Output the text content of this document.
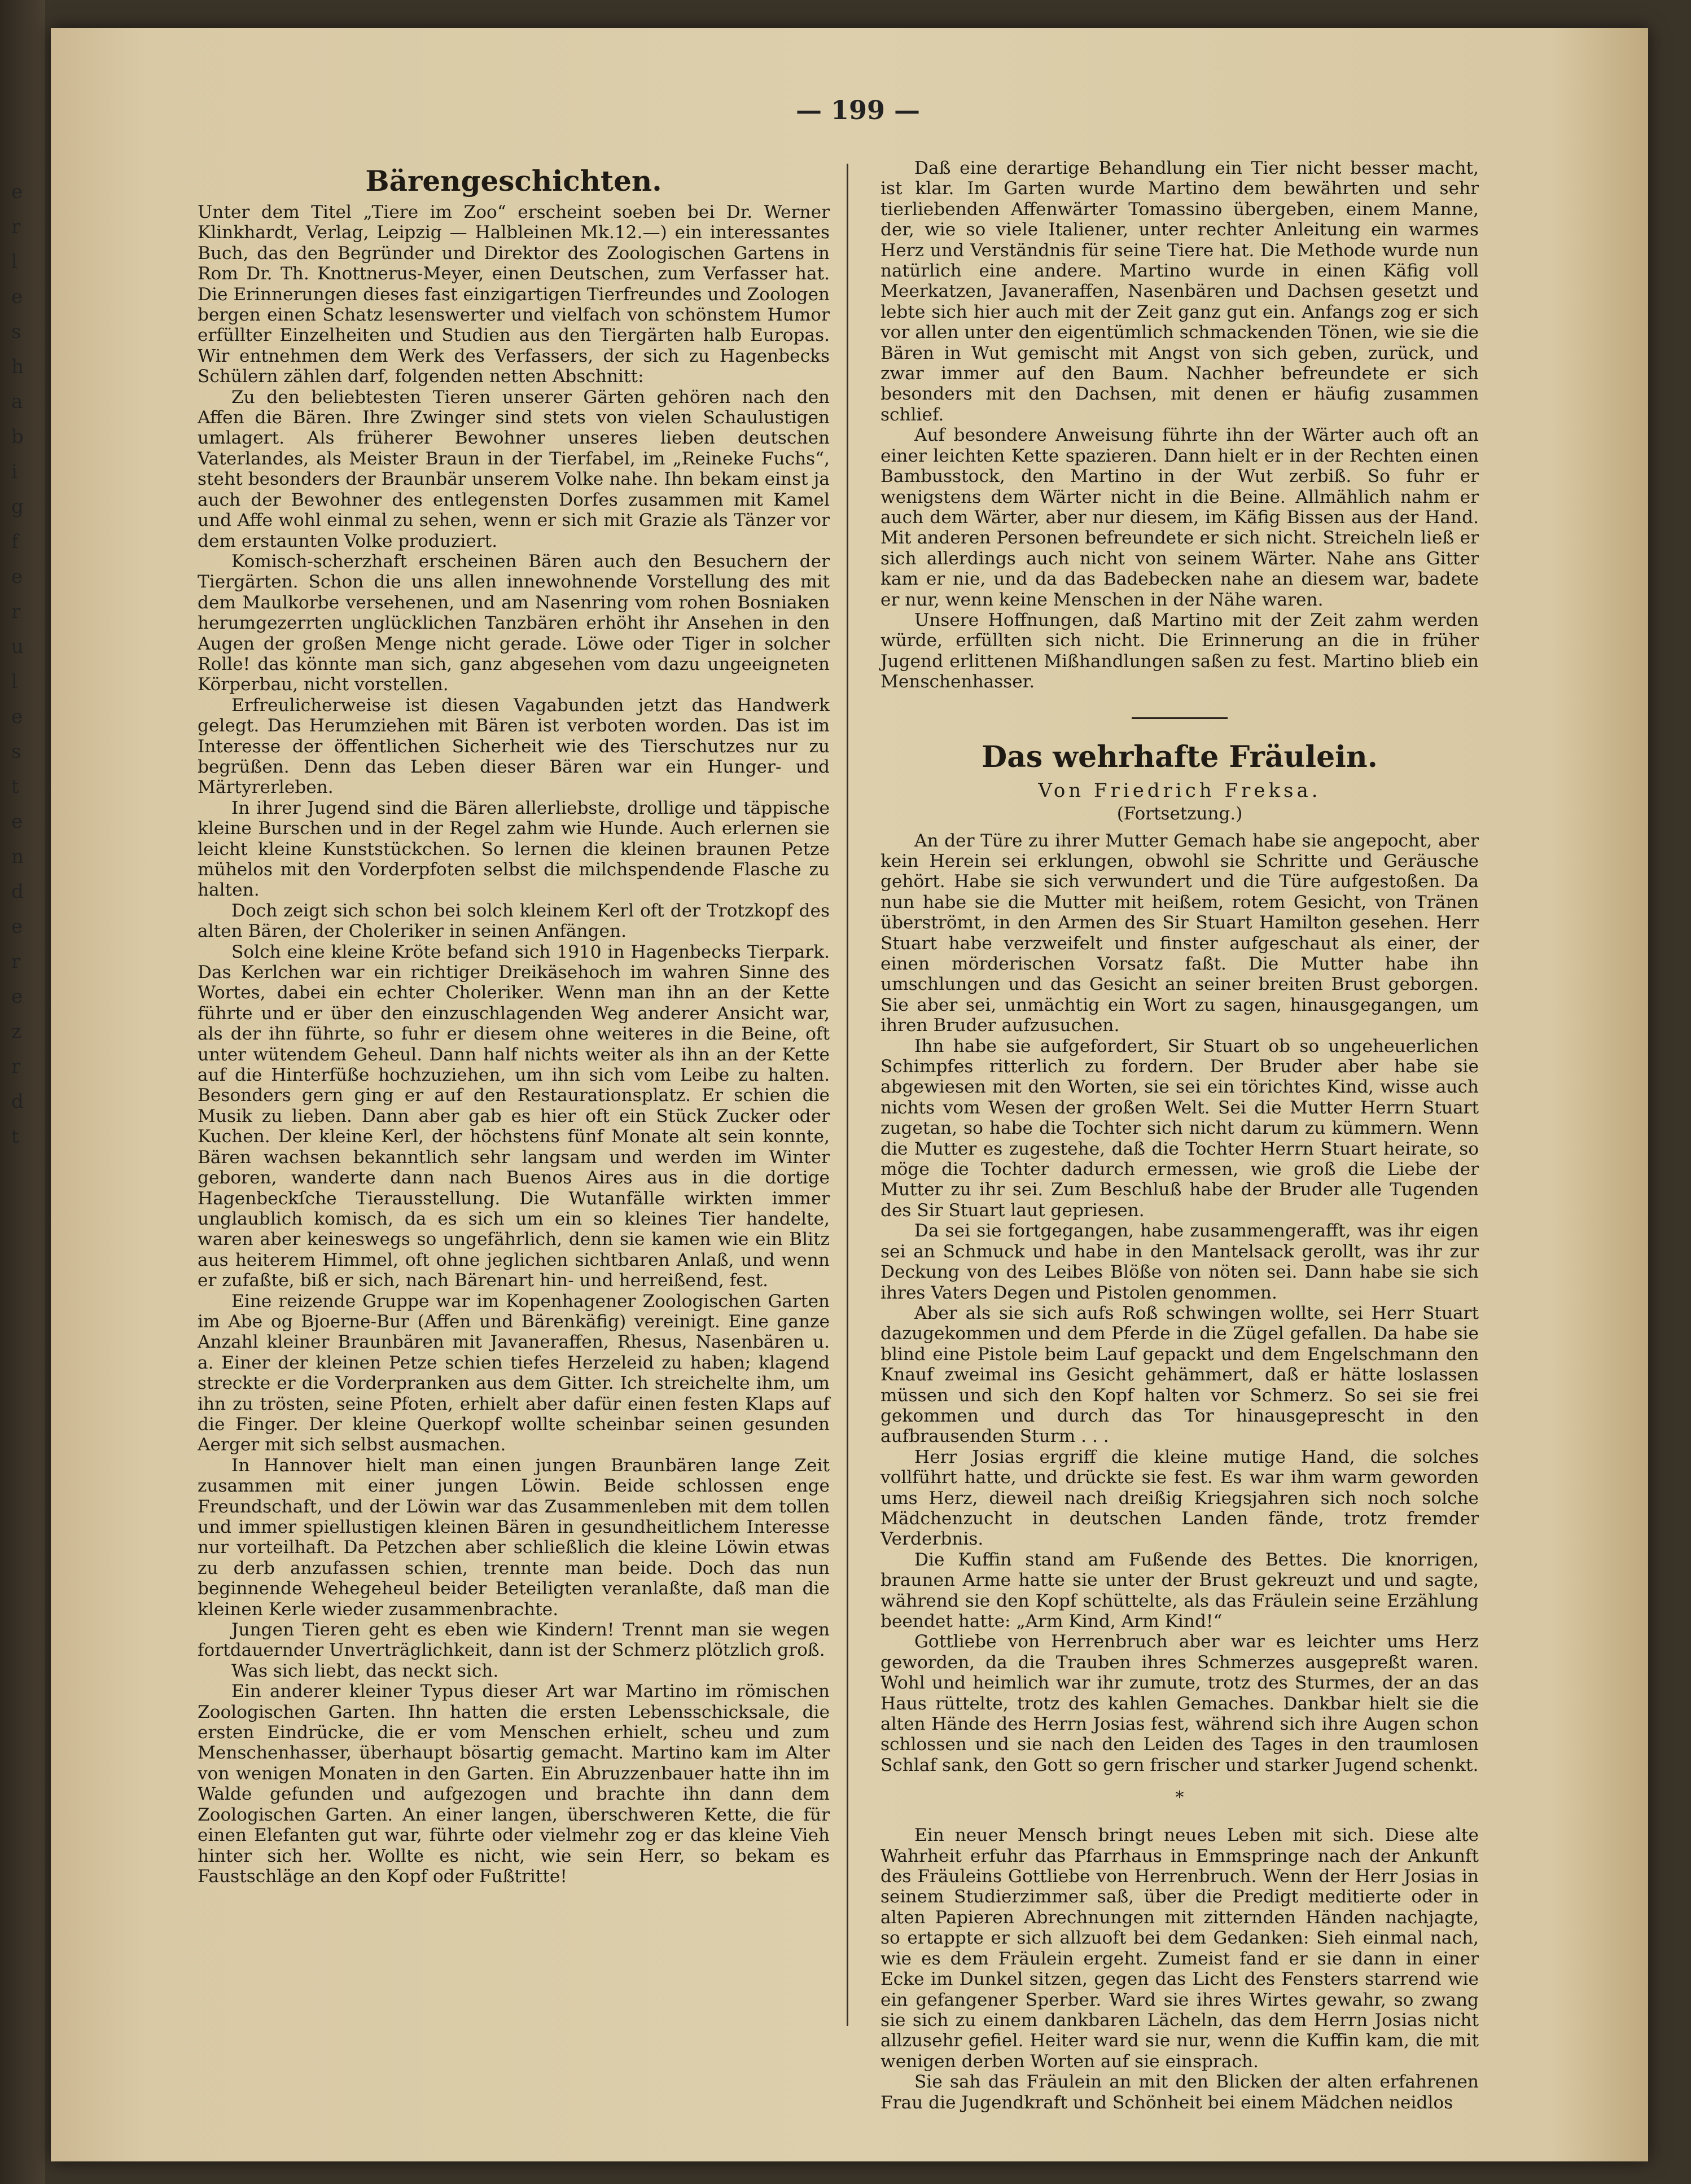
— 199 —
Bärengeschichten.

Unter dem Titel „Tiere im Zoo“ erscheint soeben bei Dr. Werner Klinkhardt, Verlag, Leipzig — Halbleinen Mk.12.—) ein interessantes Buch, das den Begründer und Direktor des Zoologischen Gartens in Rom Dr. Th. Knottnerus-Meyer, einen Deutschen, zum Verfasser hat. Die Erinnerungen dieses fast einzigartigen Tierfreundes und Zoologen bergen einen Schatz lesenswerter und vielfach von schönstem Humor erfüllter Einzelheiten und Studien aus den Tiergärten halb Europas. Wir entnehmen dem Werk des Verfassers, der sich zu Hagenbecks Schülern zählen darf, folgenden netten Abschnitt:

Zu den beliebtesten Tieren unserer Gärten gehören nach den Affen die Bären. Ihre Zwinger sind stets von vielen Schaulustigen umlagert. Als früherer Bewohner unseres lieben deutschen Vaterlandes, als Meister Braun in der Tierfabel, im „Reineke Fuchs“, steht besonders der Braunbär unserem Volke nahe. Ihn bekam einst ja auch der Bewohner des entlegensten Dorfes zusammen mit Kamel und Affe wohl einmal zu sehen, wenn er sich mit Grazie als Tänzer vor dem erstaunten Volke produziert.

Komisch-scherzhaft erscheinen Bären auch den Besuchern der Tiergärten. Schon die uns allen innewohnende Vorstellung des mit dem Maulkorbe versehenen, und am Nasenring vom rohen Bosniaken herumgezerrten unglücklichen Tanzbären erhöht ihr Ansehen in den Augen der großen Menge nicht gerade. Löwe oder Tiger in solcher Rolle! das könnte man sich, ganz abgesehen vom dazu ungeeigneten Körperbau, nicht vorstellen.

Erfreulicherweise ist diesen Vagabunden jetzt das Handwerk gelegt. Das Herumziehen mit Bären ist verboten worden. Das ist im Interesse der öffentlichen Sicherheit wie des Tierschutzes nur zu begrüßen. Denn das Leben dieser Bären war ein Hunger- und Märtyrerleben.

In ihrer Jugend sind die Bären allerliebste, drollige und täppische kleine Burschen und in der Regel zahm wie Hunde. Auch erlernen sie leicht kleine Kunststückchen. So lernen die kleinen braunen Petze mühelos mit den Vorderpfoten selbst die milchspendende Flasche zu halten.

Doch zeigt sich schon bei solch kleinem Kerl oft der Trotzkopf des alten Bären, der Choleriker in seinen Anfängen.

Solch eine kleine Kröte befand sich 1910 in Hagenbecks Tierpark. Das Kerlchen war ein richtiger Dreikäsehoch im wahren Sinne des Wortes, dabei ein echter Choleriker. Wenn man ihn an der Kette führte und er über den einzuschlagenden Weg anderer Ansicht war, als der ihn führte, so fuhr er diesem ohne weiteres in die Beine, oft unter wütendem Geheul. Dann half nichts weiter als ihn an der Kette auf die Hinterfüße hochzuziehen, um ihn sich vom Leibe zu halten. Besonders gern ging er auf den Restaurationsplatz. Er schien die Musik zu lieben. Dann aber gab es hier oft ein Stück Zucker oder Kuchen. Der kleine Kerl, der höchstens fünf Monate alt sein konnte, Bären wachsen bekanntlich sehr langsam und werden im Winter geboren, wanderte dann nach Buenos Aires aus in die dortige Hagenbeckſche Tierausstellung. Die Wutanfälle wirkten immer unglaublich komisch, da es sich um ein so kleines Tier handelte, waren aber keineswegs so ungefährlich, denn sie kamen wie ein Blitz aus heiterem Himmel, oft ohne jeglichen sichtbaren Anlaß, und wenn er zufaßte, biß er sich, nach Bärenart hin- und herreißend, fest.

Eine reizende Gruppe war im Kopenhagener Zoologischen Garten im Abe og Bjoerne-Bur (Affen und Bärenkäfig) vereinigt. Eine ganze Anzahl kleiner Braunbären mit Javaneraffen, Rhesus, Nasenbären u. a. Einer der kleinen Petze schien tiefes Herzeleid zu haben; klagend streckte er die Vorderpranken aus dem Gitter. Ich streichelte ihm, um ihn zu trösten, seine Pfoten, erhielt aber dafür einen festen Klaps auf die Finger. Der kleine Querkopf wollte scheinbar seinen gesunden Aerger mit sich selbst ausmachen.

In Hannover hielt man einen jungen Braunbären lange Zeit zusammen mit einer jungen Löwin. Beide schlossen enge Freundschaft, und der Löwin war das Zusammenleben mit dem tollen und immer spiellustigen kleinen Bären in gesundheitlichem Interesse nur vorteilhaft. Da Petzchen aber schließlich die kleine Löwin etwas zu derb anzufassen schien, trennte man beide. Doch das nun beginnende Wehegeheul beider Beteiligten veranlaßte, daß man die kleinen Kerle wieder zusammenbrachte.

Jungen Tieren geht es eben wie Kindern! Trennt man sie wegen fortdauernder Unverträglichkeit, dann ist der Schmerz plötzlich groß.

Was sich liebt, das neckt sich.

Ein anderer kleiner Typus dieser Art war Martino im römischen Zoologischen Garten. Ihn hatten die ersten Lebensschicksale, die ersten Eindrücke, die er vom Menschen erhielt, scheu und zum Menschenhasser, überhaupt bösartig gemacht. Martino kam im Alter von wenigen Monaten in den Garten. Ein Abruzzenbauer hatte ihn im Walde gefunden und aufgezogen und brachte ihn dann dem Zoologischen Garten. An einer langen, überschweren Kette, die für einen Elefanten gut war, führte oder vielmehr zog er das kleine Vieh hinter sich her. Wollte es nicht, wie sein Herr, so bekam es Faustschläge an den Kopf oder Fußtritte!

Daß eine derartige Behandlung ein Tier nicht besser macht, ist klar. Im Garten wurde Martino dem bewährten und sehr tierliebenden Affenwärter Tomassino übergeben, einem Manne, der, wie so viele Italiener, unter rechter Anleitung ein warmes Herz und Verständnis für seine Tiere hat. Die Methode wurde nun natürlich eine andere. Martino wurde in einen Käfig voll Meerkatzen, Javaneraffen, Nasenbären und Dachsen gesetzt und lebte sich hier auch mit der Zeit ganz gut ein. Anfangs zog er sich vor allen unter den eigentümlich schmackenden Tönen, wie sie die Bären in Wut gemischt mit Angst von sich geben, zurück, und zwar immer auf den Baum. Nachher befreundete er sich besonders mit den Dachsen, mit denen er häufig zusammen schlief.

Auf besondere Anweisung führte ihn der Wärter auch oft an einer leichten Kette spazieren. Dann hielt er in der Rechten einen Bambusstock, den Martino in der Wut zerbiß. So fuhr er wenigstens dem Wärter nicht in die Beine. Allmählich nahm er auch dem Wärter, aber nur diesem, im Käfig Bissen aus der Hand. Mit anderen Personen befreundete er sich nicht. Streicheln ließ er sich allerdings auch nicht von seinem Wärter. Nahe ans Gitter kam er nie, und da das Badebecken nahe an diesem war, badete er nur, wenn keine Menschen in der Nähe waren.

Unsere Hoffnungen, daß Martino mit der Zeit zahm werden würde, erfüllten sich nicht. Die Erinnerung an die in früher Jugend erlittenen Mißhandlungen saßen zu fest. Martino blieb ein Menschenhasser.

Das wehrhafte Fräulein.
Von Friedrich Freksa.
(Fortsetzung.)

An der Türe zu ihrer Mutter Gemach habe sie angepocht, aber kein Herein sei erklungen, obwohl sie Schritte und Geräusche gehört. Habe sie sich verwundert und die Türe aufgestoßen. Da nun habe sie die Mutter mit heißem, rotem Gesicht, von Tränen überströmt, in den Armen des Sir Stuart Hamilton gesehen. Herr Stuart habe verzweifelt und finster aufgeschaut als einer, der einen mörderischen Vorsatz faßt. Die Mutter habe ihn umschlungen und das Gesicht an seiner breiten Brust geborgen. Sie aber sei, unmächtig ein Wort zu sagen, hinausgegangen, um ihren Bruder aufzusuchen.

Ihn habe sie aufgefordert, Sir Stuart ob so ungeheuerlichen Schimpfes ritterlich zu fordern. Der Bruder aber habe sie abgewiesen mit den Worten, sie sei ein törichtes Kind, wisse auch nichts vom Wesen der großen Welt. Sei die Mutter Herrn Stuart zugetan, so habe die Tochter sich nicht darum zu kümmern. Wenn die Mutter es zugestehe, daß die Tochter Herrn Stuart heirate, so möge die Tochter dadurch ermessen, wie groß die Liebe der Mutter zu ihr sei. Zum Beschluß habe der Bruder alle Tugenden des Sir Stuart laut gepriesen.

Da sei sie fortgegangen, habe zusammengerafft, was ihr eigen sei an Schmuck und habe in den Mantelsack gerollt, was ihr zur Deckung von des Leibes Blöße von nöten sei. Dann habe sie sich ihres Vaters Degen und Pistolen genommen.

Aber als sie sich aufs Roß schwingen wollte, sei Herr Stuart dazugekommen und dem Pferde in die Zügel gefallen. Da habe sie blind eine Pistole beim Lauf gepackt und dem Engelschmann den Knauf zweimal ins Gesicht gehämmert, daß er hätte loslassen müssen und sich den Kopf halten vor Schmerz. So sei sie frei gekommen und durch das Tor hinausgeprescht in den aufbrausenden Sturm . . .

Herr Josias ergriff die kleine mutige Hand, die solches vollführt hatte, und drückte sie fest. Es war ihm warm geworden ums Herz, dieweil nach dreißig Kriegsjahren sich noch solche Mädchenzucht in deutschen Landen fände, trotz fremder Verderbnis.

Die Kuffin stand am Fußende des Bettes. Die knorrigen, braunen Arme hatte sie unter der Brust gekreuzt und und sagte, während sie den Kopf schüttelte, als das Fräulein seine Erzählung beendet hatte: „Arm Kind, Arm Kind!“

Gottliebe von Herrenbruch aber war es leichter ums Herz geworden, da die Trauben ihres Schmerzes ausgepreßt waren. Wohl und heimlich war ihr zumute, trotz des Sturmes, der an das Haus rüttelte, trotz des kahlen Gemaches. Dankbar hielt sie die alten Hände des Herrn Josias fest, während sich ihre Augen schon schlossen und sie nach den Leiden des Tages in den traumlosen Schlaf sank, den Gott so gern frischer und starker Jugend schenkt.

*

Ein neuer Mensch bringt neues Leben mit sich. Diese alte Wahrheit erfuhr das Pfarrhaus in Emmspringe nach der Ankunft des Fräuleins Gottliebe von Herrenbruch. Wenn der Herr Josias in seinem Studierzimmer saß, über die Predigt meditierte oder in alten Papieren Abrechnungen mit zitternden Händen nachjagte, so ertappte er sich allzuoft bei dem Gedanken: Sieh einmal nach, wie es dem Fräulein ergeht. Zumeist fand er sie dann in einer Ecke im Dunkel sitzen, gegen das Licht des Fensters starrend wie ein gefangener Sperber. Ward sie ihres Wirtes gewahr, so zwang sie sich zu einem dankbaren Lächeln, das dem Herrn Josias nicht allzusehr gefiel. Heiter ward sie nur, wenn die Kuffin kam, die mit wenigen derben Worten auf sie einsprach.

Sie sah das Fräulein an mit den Blicken der alten erfahrenen Frau die Jugendkraft und Schönheit bei einem Mädchen neidlos

e
r
l
e
s
h
a
b
i
g
f
e
r
u
l
e
s
t
e
n
d
e
r
e
z
r
d
t
